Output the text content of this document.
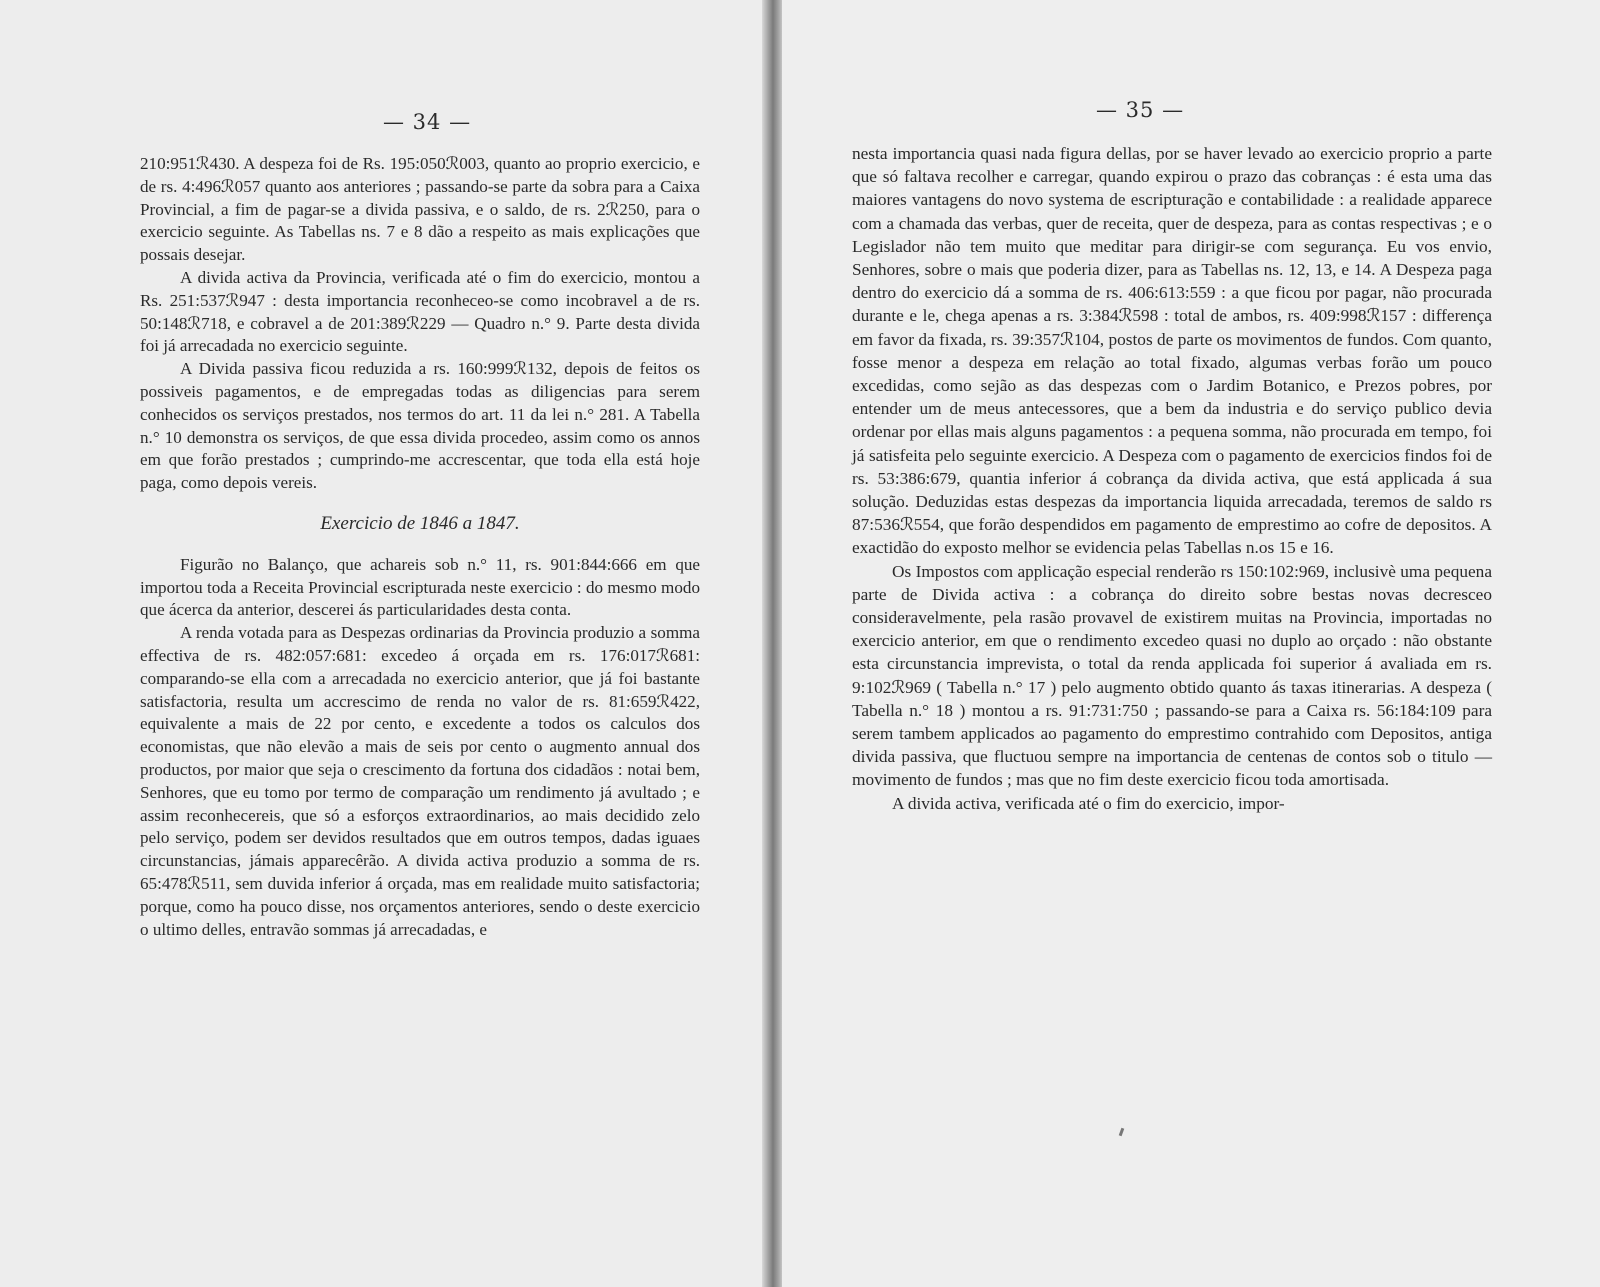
— 34 —

210:951ℛ430. A despeza foi de Rs. 195:050ℛ003, quanto ao proprio exercicio, e de rs. 4:496ℛ057 quanto aos anteriores ; passando-se parte da sobra para a Caixa Provincial, a fim de pagar-se a divida passiva, e o saldo, de rs. 2ℛ250, para o exercicio seguinte. As Tabellas ns. 7 e 8 dão a respeito as mais explicações que possais desejar.

A divida activa da Provincia, verificada até o fim do exercicio, montou a Rs. 251:537ℛ947 : desta importancia reconheceo-se como incobravel a de rs. 50:148ℛ718, e cobravel a de 201:389ℛ229 — Quadro n.° 9. Parte desta divida foi já arrecadada no exercicio seguinte.

A Divida passiva ficou reduzida a rs. 160:999ℛ132, depois de feitos os possiveis pagamentos, e de empregadas todas as diligencias para serem conhecidos os serviços prestados, nos termos do art. 11 da lei n.° 281. A Tabella n.° 10 demonstra os serviços, de que essa divida procedeo, assim como os annos em que forão prestados ; cumprindo-me accrescentar, que toda ella está hoje paga, como depois vereis.

Exercicio de 1846 a 1847.

Figurão no Balanço, que achareis sob n.° 11, rs. 901:844:666 em que importou toda a Receita Provincial escripturada neste exercicio : do mesmo modo que ácerca da anterior, descerei ás particularidades desta conta.

A renda votada para as Despezas ordinarias da Provincia produzio a somma effectiva de rs. 482:057:681: excedeo á orçada em rs. 176:017ℛ681: comparando-se ella com a arrecadada no exercicio anterior, que já foi bastante satisfactoria, resulta um accrescimo de renda no valor de rs. 81:659ℛ422, equivalente a mais de 22 por cento, e excedente a todos os calculos dos economistas, que não elevão a mais de seis por cento o augmento annual dos productos, por maior que seja o crescimento da fortuna dos cidadãos : notai bem, Senhores, que eu tomo por termo de comparação um rendimento já avultado ; e assim reconhecereis, que só a esforços extraordinarios, ao mais decidido zelo pelo serviço, podem ser devidos resultados que em outros tempos, dadas iguaes circunstancias, jámais apparecêrão. A divida activa produzio a somma de rs. 65:478ℛ511, sem duvida inferior á orçada, mas em realidade muito satisfactoria; porque, como ha pouco disse, nos orçamentos anteriores, sendo o deste exercicio o ultimo delles, entravão sommas já arrecadadas, e

— 35 —

nesta importancia quasi nada figura dellas, por se haver levado ao exercicio proprio a parte que só faltava recolher e carregar, quando expirou o prazo das cobranças : é esta uma das maiores vantagens do novo systema de escripturação e contabilidade : a realidade apparece com a chamada das verbas, quer de receita, quer de despeza, para as contas respectivas ; e o Legislador não tem muito que meditar para dirigir-se com segurança. Eu vos envio, Senhores, sobre o mais que poderia dizer, para as Tabellas ns. 12, 13, e 14. A Despeza paga dentro do exercicio dá a somma de rs. 406:613:559 : a que ficou por pagar, não procurada durante e le, chega apenas a rs. 3:384ℛ598 : total de ambos, rs. 409:998ℛ157 : differença em favor da fixada, rs. 39:357ℛ104, postos de parte os movimentos de fundos. Com quanto, fosse menor a despeza em relação ao total fixado, algumas verbas forão um pouco excedidas, como sejão as das despezas com o Jardim Botanico, e Prezos pobres, por entender um de meus antecessores, que a bem da industria e do serviço publico devia ordenar por ellas mais alguns pagamentos : a pequena somma, não procurada em tempo, foi já satisfeita pelo seguinte exercicio. A Despeza com o pagamento de exercicios findos foi de rs. 53:386:679, quantia inferior á cobrança da divida activa, que está applicada á sua solução. Deduzidas estas despezas da importancia liquida arrecadada, teremos de saldo rs 87:536ℛ554, que forão despendidos em pagamento de emprestimo ao cofre de depositos. A exactidão do exposto melhor se evidencia pelas Tabellas n.os 15 e 16.

Os Impostos com applicação especial renderão rs 150:102:969, inclusivè uma pequena parte de Divida activa : a cobrança do direito sobre bestas novas decresceo consideravelmente, pela rasão provavel de existirem muitas na Provincia, importadas no exercicio anterior, em que o rendimento excedeo quasi no duplo ao orçado : não obstante esta circunstancia imprevista, o total da renda applicada foi superior á avaliada em rs. 9:102ℛ969 ( Tabella n.° 17 ) pelo augmento obtido quanto ás taxas itinerarias. A despeza ( Tabella n.° 18 ) montou a rs. 91:731:750 ; passando-se para a Caixa rs. 56:184:109 para serem tambem applicados ao pagamento do emprestimo contrahido com Depositos, antiga divida passiva, que fluctuou sempre na importancia de centenas de contos sob o titulo — movimento de fundos ; mas que no fim deste exercicio ficou toda amortisada.

A divida activa, verificada até o fim do exercicio, impor-
